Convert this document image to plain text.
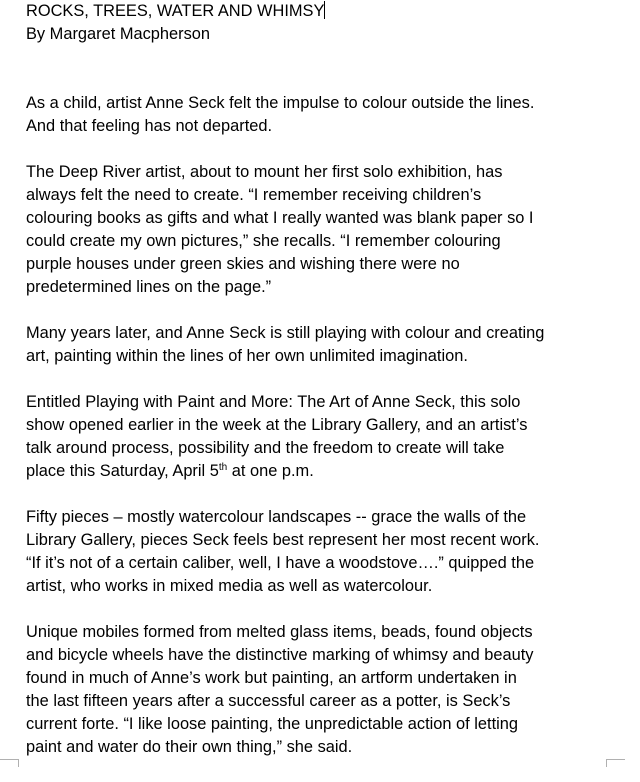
ROCKS, TREES, WATER AND WHIMSY
By Margaret Macpherson

As a child, artist Anne Seck felt the impulse to colour outside the lines.
And that feeling has not departed.

The Deep River artist, about to mount her first solo exhibition, has
always felt the need to create. “I remember receiving children’s
colouring books as gifts and what I really wanted was blank paper so I
could create my own pictures,” she recalls. “I remember colouring
purple houses under green skies and wishing there were no
predetermined lines on the page.”

Many years later, and Anne Seck is still playing with colour and creating
art, painting within the lines of her own unlimited imagination.

Entitled Playing with Paint and More: The Art of Anne Seck, this solo
show opened earlier in the week at the Library Gallery, and an artist’s
talk around process, possibility and the freedom to create will take
place this Saturday, April 5th at one p.m.

Fifty pieces – mostly watercolour landscapes -- grace the walls of the
Library Gallery, pieces Seck feels best represent her most recent work.
“If it’s not of a certain caliber, well, I have a woodstove….” quipped the
artist, who works in mixed media as well as watercolour.

Unique mobiles formed from melted glass items, beads, found objects
and bicycle wheels have the distinctive marking of whimsy and beauty
found in much of Anne’s work but painting, an artform undertaken in
the last fifteen years after a successful career as a potter, is Seck’s
current forte. “I like loose painting, the unpredictable action of letting
paint and water do their own thing,” she said.
